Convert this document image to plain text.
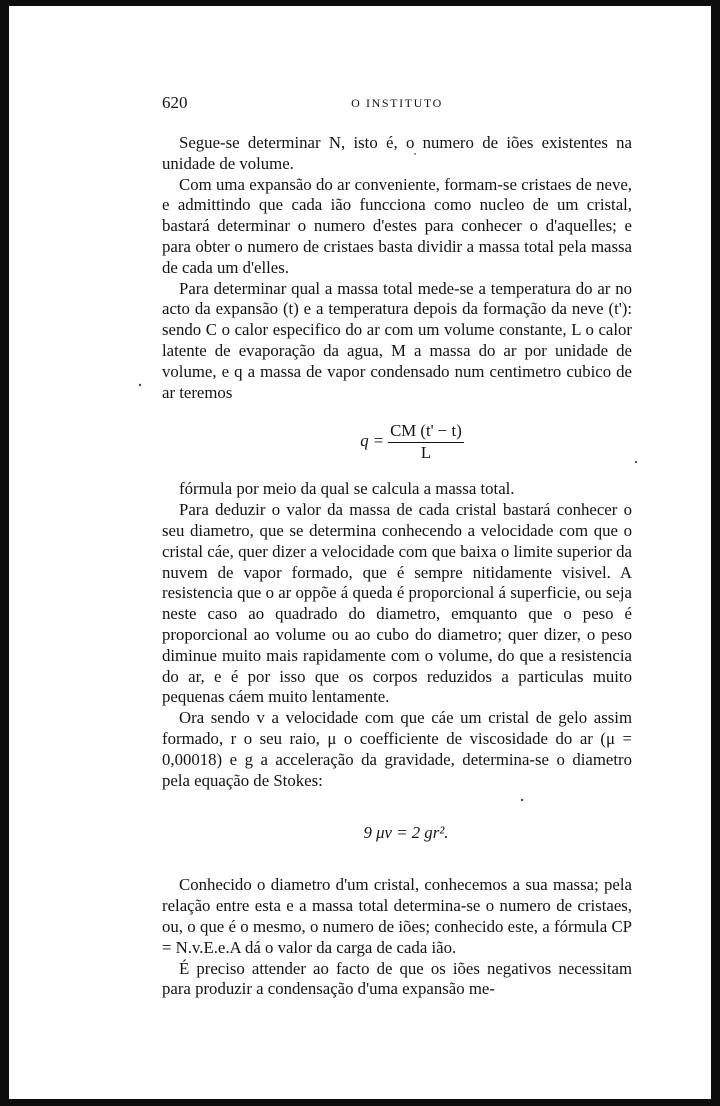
620	O INSTITUTO

Segue-se determinar N, isto é, o numero de iões existentes na unidade de volume.

Com uma expansão do ar conveniente, formam-se cristaes de neve, e admittindo que cada ião funcciona como nucleo de um cristal, bastará determinar o numero d'estes para conhecer o d'aquelles; e para obter o numero de cristaes basta dividir a massa total pela massa de cada um d'elles.

Para determinar qual a massa total mede-se a temperatura do ar no acto da expansão (t) e a temperatura depois da formação da neve (t'): sendo C o calor especifico do ar com um volume constante, L o calor latente de evaporação da agua, M a massa do ar por unidade de volume, e q a massa de vapor condensado num centimetro cubico de ar teremos

$q = \frac{CM (t' - t)}{L}$

fórmula por meio da qual se calcula a massa total.

Para deduzir o valor da massa de cada cristal bastará conhecer o seu diametro, que se determina conhecendo a velocidade com que o cristal cáe, quer dizer a velocidade com que baixa o limite superior da nuvem de vapor formado, que é sempre nitidamente visivel. A resistencia que o ar oppõe á queda é proporcional á superficie, ou seja neste caso ao quadrado do diametro, emquanto que o peso é proporcional ao volume ou ao cubo do diametro; quer dizer, o peso diminue muito mais rapidamente com o volume, do que a resistencia do ar, e é por isso que os corpos reduzidos a particulas muito pequenas cáem muito lentamente.

Ora sendo v a velocidade com que cáe um cristal de gelo assim formado, r o seu raio, μ o coefficiente de viscosidade do ar (μ = 0,00018) e g a acceleração da gravidade, determina-se o diametro pela equação de Stokes:

9 μv = 2 gr².

Conhecido o diametro d'um cristal, conhecemos a sua massa; pela relação entre esta e a massa total determina-se o numero de cristaes, ou, o que é o mesmo, o numero de iões; conhecido este, a fórmula CP = N.v.E.e.A dá o valor da carga de cada ião.

É preciso attender ao facto de que os iões negativos necessitam para produzir a condensação d'uma expansão me-
